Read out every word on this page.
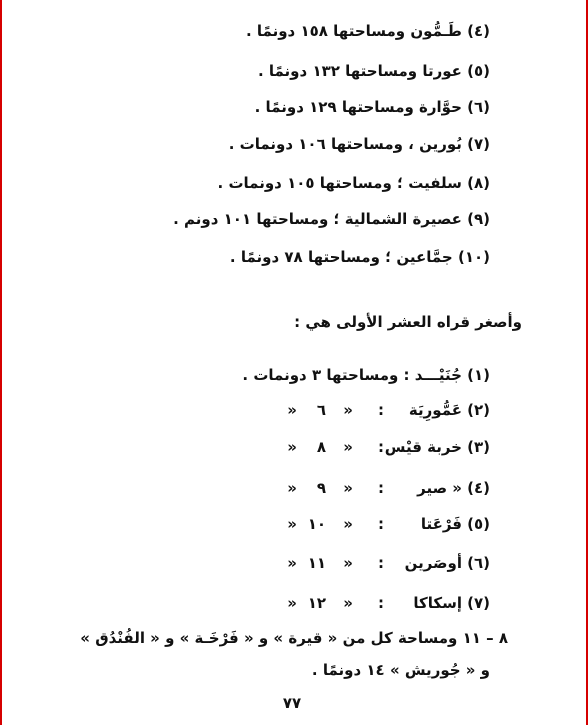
(٤) طَـمُّون ومساحتها ١٥٨ دونمًا .
(٥) عورتا ومساحتها ١٣٢ دونمًا .
(٦) حوَّارة ومساحتها ١٢٩ دونمًا .
(٧) بُورين ، ومساحتها ١٠٦ دونمات .
(٨) سلفيت ؛ ومساحتها ١٠٥ دونمات .
(٩) عصيرة الشمالية ؛ ومساحتها ١٠١ دونم .
(١٠) جمَّاعين ؛ ومساحتها ٧٨ دونمًا .
وأصغر قراه العشر الأولى هي :
(١) جُنَيْـــد : ومساحتها ٣ دونمات .
(٢)
عَمُّورِيَة
:
«
٦
«
(٣)
خربة قيْس
:
«
٨
«
(٤)
« صير
:
«
٩
«
(٥)
فَرْعَتا
:
«
١٠
«
(٦)
أوصَرين
:
«
١١
«
(٧)
إسكاكا
:
«
١٢
«
٨ – ١١ ومساحة كل من « قيرة » و « فَرْخَـة » و « الفُنْدُق »
و « جُوريش » ١٤ دونمًا .
٧٧
